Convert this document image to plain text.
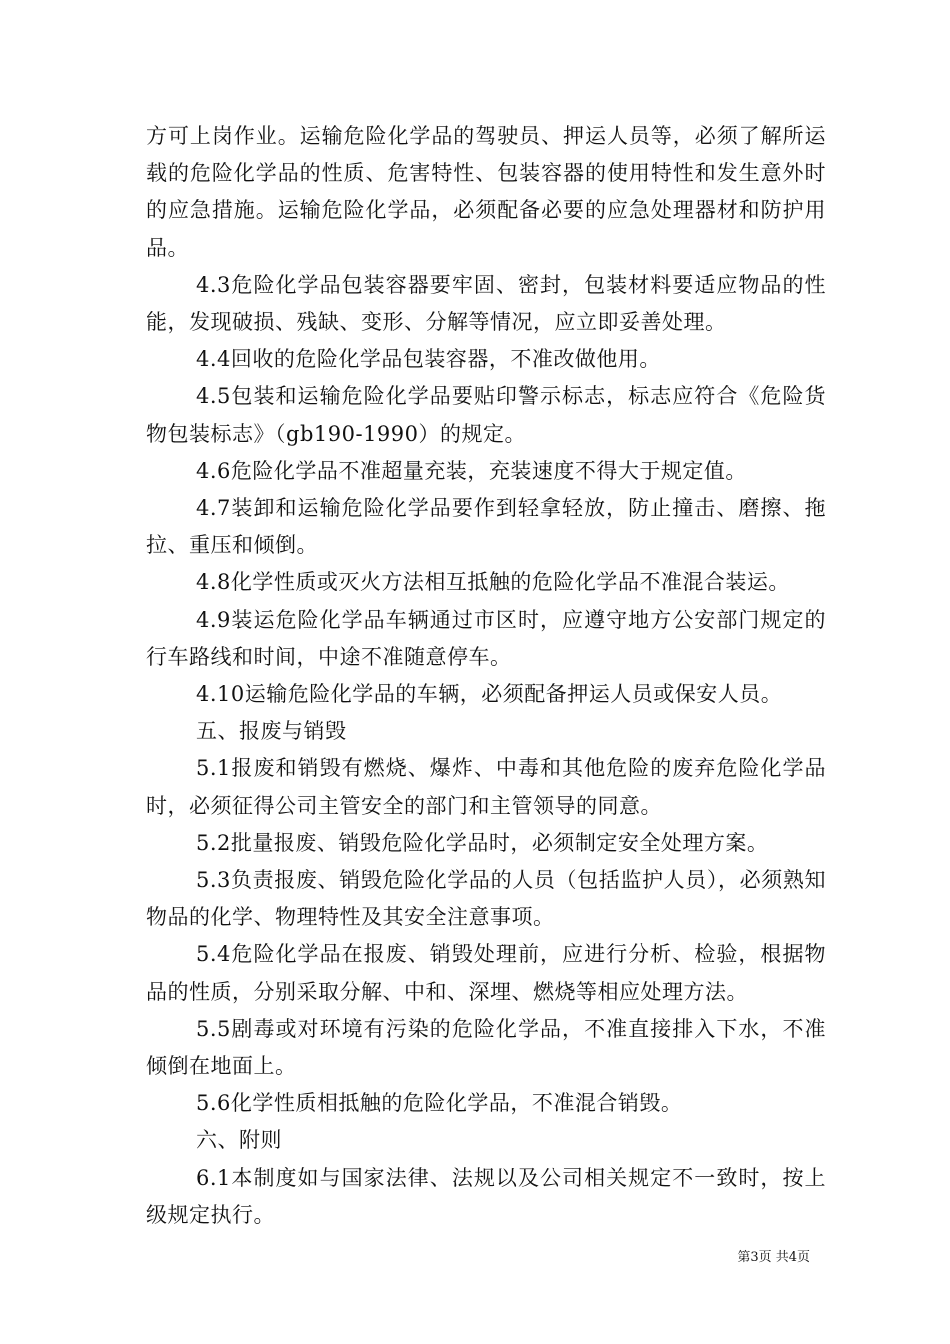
方可上岗作业。运输危险化学品的驾驶员、押运人员等，必须了解所运载的危险化学品的性质、危害特性、包装容器的使用特性和发生意外时的应急措施。运输危险化学品，必须配备必要的应急处理器材和防护用品。

4.3危险化学品包装容器要牢固、密封，包装材料要适应物品的性能，发现破损、残缺、变形、分解等情况，应立即妥善处理。

4.4回收的危险化学品包装容器，不准改做他用。

4.5包装和运输危险化学品要贴印警示标志，标志应符合《危险货物包装标志》（gb190-1990）的规定。

4.6危险化学品不准超量充装，充装速度不得大于规定值。

4.7装卸和运输危险化学品要作到轻拿轻放，防止撞击、磨擦、拖拉、重压和倾倒。

4.8化学性质或灭火方法相互抵触的危险化学品不准混合装运。

4.9装运危险化学品车辆通过市区时，应遵守地方公安部门规定的行车路线和时间，中途不准随意停车。

4.10运输危险化学品的车辆，必须配备押运人员或保安人员。

五、报废与销毁

5.1报废和销毁有燃烧、爆炸、中毒和其他危险的废弃危险化学品时，必须征得公司主管安全的部门和主管领导的同意。

5.2批量报废、销毁危险化学品时，必须制定安全处理方案。

5.3负责报废、销毁危险化学品的人员（包括监护人员），必须熟知物品的化学、物理特性及其安全注意事项。

5.4危险化学品在报废、销毁处理前，应进行分析、检验，根据物品的性质，分别采取分解、中和、深埋、燃烧等相应处理方法。

5.5剧毒或对环境有污染的危险化学品，不准直接排入下水，不准倾倒在地面上。

5.6化学性质相抵触的危险化学品，不准混合销毁。

六、附则

6.1本制度如与国家法律、法规以及公司相关规定不一致时，按上级规定执行。

第3页 共4页
